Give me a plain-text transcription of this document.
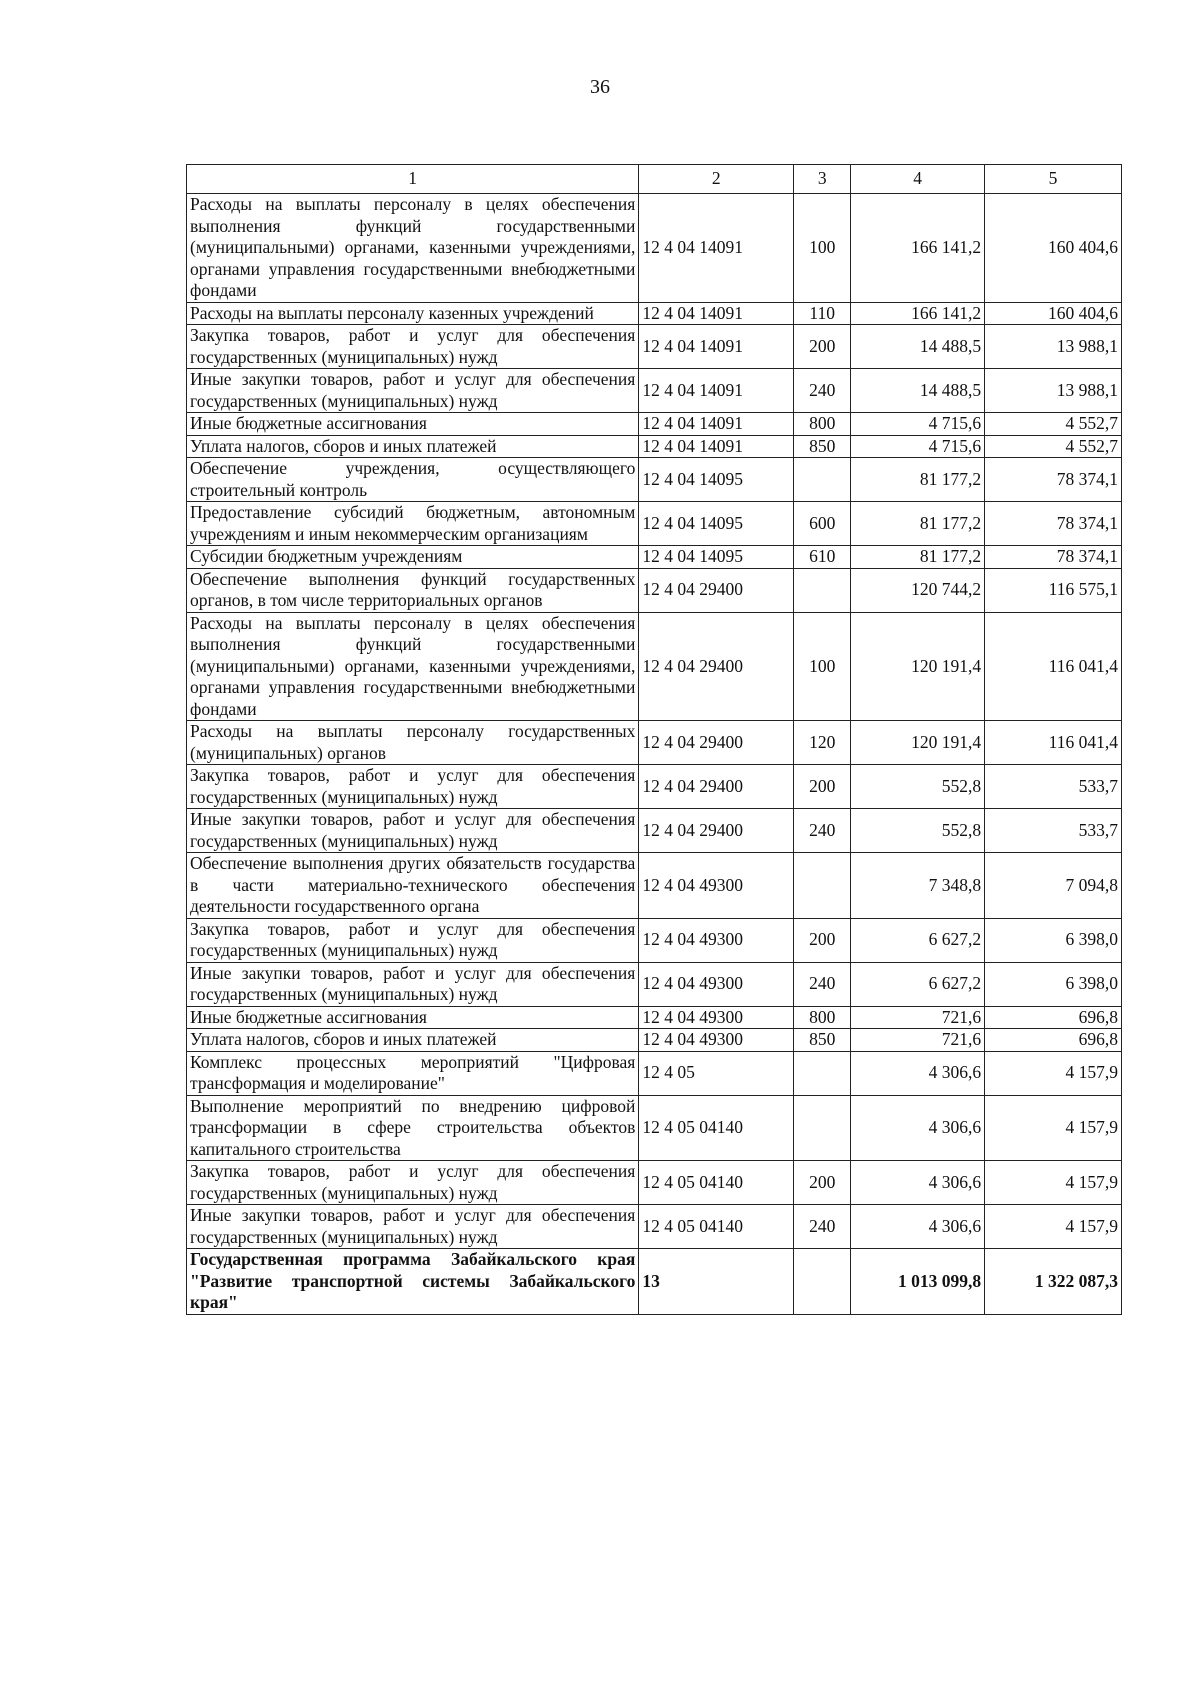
36
1	2	3	4	5
Расходы на выплаты персоналу в целях обеспечения выполнения функций государственными (муниципальными) органами, казенными учреждениями, органами управления государственными внебюджетными фондами	12 4 04 14091	100	166 141,2	160 404,6
Расходы на выплаты персоналу казенных учреждений	12 4 04 14091	110	166 141,2	160 404,6
Закупка товаров, работ и услуг для обеспечения государственных (муниципальных) нужд	12 4 04 14091	200	14 488,5	13 988,1
Иные закупки товаров, работ и услуг для обеспечения государственных (муниципальных) нужд	12 4 04 14091	240	14 488,5	13 988,1
Иные бюджетные ассигнования	12 4 04 14091	800	4 715,6	4 552,7
Уплата налогов, сборов и иных платежей	12 4 04 14091	850	4 715,6	4 552,7
Обеспечение учреждения, осуществляющего строительный контроль	12 4 04 14095		81 177,2	78 374,1
Предоставление субсидий бюджетным, автономным учреждениям и иным некоммерческим организациям	12 4 04 14095	600	81 177,2	78 374,1
Субсидии бюджетным учреждениям	12 4 04 14095	610	81 177,2	78 374,1
Обеспечение выполнения функций государственных органов, в том числе территориальных органов	12 4 04 29400		120 744,2	116 575,1
Расходы на выплаты персоналу в целях обеспечения выполнения функций государственными (муниципальными) органами, казенными учреждениями, органами управления государственными внебюджетными фондами	12 4 04 29400	100	120 191,4	116 041,4
Расходы на выплаты персоналу государственных (муниципальных) органов	12 4 04 29400	120	120 191,4	116 041,4
Закупка товаров, работ и услуг для обеспечения государственных (муниципальных) нужд	12 4 04 29400	200	552,8	533,7
Иные закупки товаров, работ и услуг для обеспечения государственных (муниципальных) нужд	12 4 04 29400	240	552,8	533,7
Обеспечение выполнения других обязательств государства в части материально-технического обеспечения деятельности государственного органа	12 4 04 49300		7 348,8	7 094,8
Закупка товаров, работ и услуг для обеспечения государственных (муниципальных) нужд	12 4 04 49300	200	6 627,2	6 398,0
Иные закупки товаров, работ и услуг для обеспечения государственных (муниципальных) нужд	12 4 04 49300	240	6 627,2	6 398,0
Иные бюджетные ассигнования	12 4 04 49300	800	721,6	696,8
Уплата налогов, сборов и иных платежей	12 4 04 49300	850	721,6	696,8
Комплекс процессных мероприятий "Цифровая трансформация и моделирование"	12 4 05		4 306,6	4 157,9
Выполнение мероприятий по внедрению цифровой трансформации в сфере строительства объектов капитального строительства	12 4 05 04140		4 306,6	4 157,9
Закупка товаров, работ и услуг для обеспечения государственных (муниципальных) нужд	12 4 05 04140	200	4 306,6	4 157,9
Иные закупки товаров, работ и услуг для обеспечения государственных (муниципальных) нужд	12 4 05 04140	240	4 306,6	4 157,9
Государственная программа Забайкальского края "Развитие транспортной системы Забайкальского края"	13		1 013 099,8	1 322 087,3
